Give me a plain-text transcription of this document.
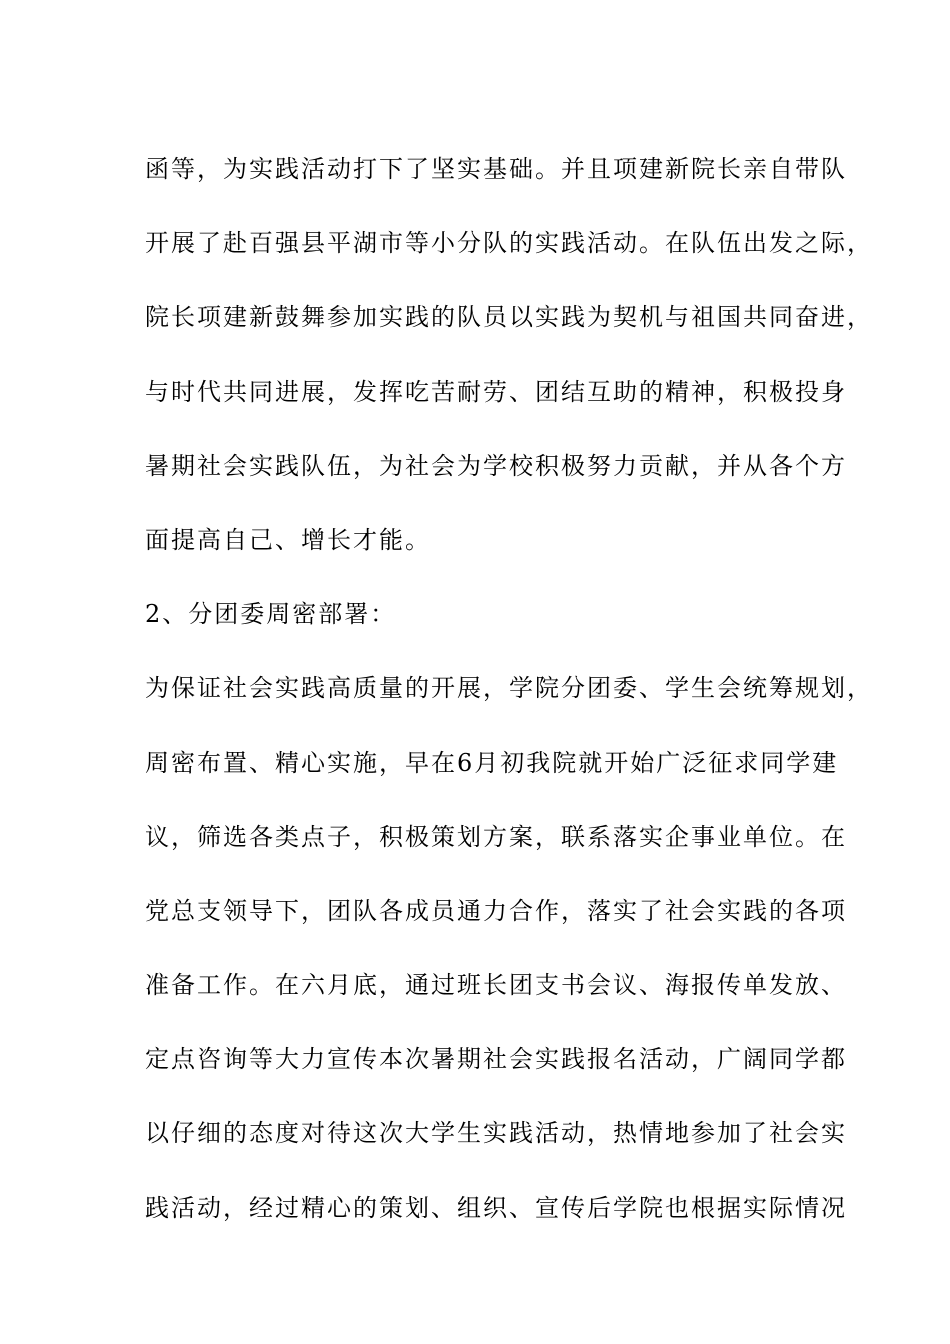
函等，为实践活动打下了坚实基础。并且项建新院长亲自带队
开展了赴百强县平湖市等小分队的实践活动。在队伍出发之际，
院长项建新鼓舞参加实践的队员以实践为契机与祖国共同奋进，
与时代共同进展，发挥吃苦耐劳、团结互助的精神，积极投身
暑期社会实践队伍，为社会为学校积极努力贡献，并从各个方
面提高自己、增长才能。
2、分团委周密部署：
为保证社会实践高质量的开展，学院分团委、学生会统筹规划，
周密布置、精心实施，早在6月初我院就开始广泛征求同学建
议，筛选各类点子，积极策划方案，联系落实企事业单位。在
党总支领导下，团队各成员通力合作，落实了社会实践的各项
准备工作。在六月底，通过班长团支书会议、海报传单发放、
定点咨询等大力宣传本次暑期社会实践报名活动，广阔同学都
以仔细的态度对待这次大学生实践活动，热情地参加了社会实
践活动，经过精心的策划、组织、宣传后学院也根据实际情况
